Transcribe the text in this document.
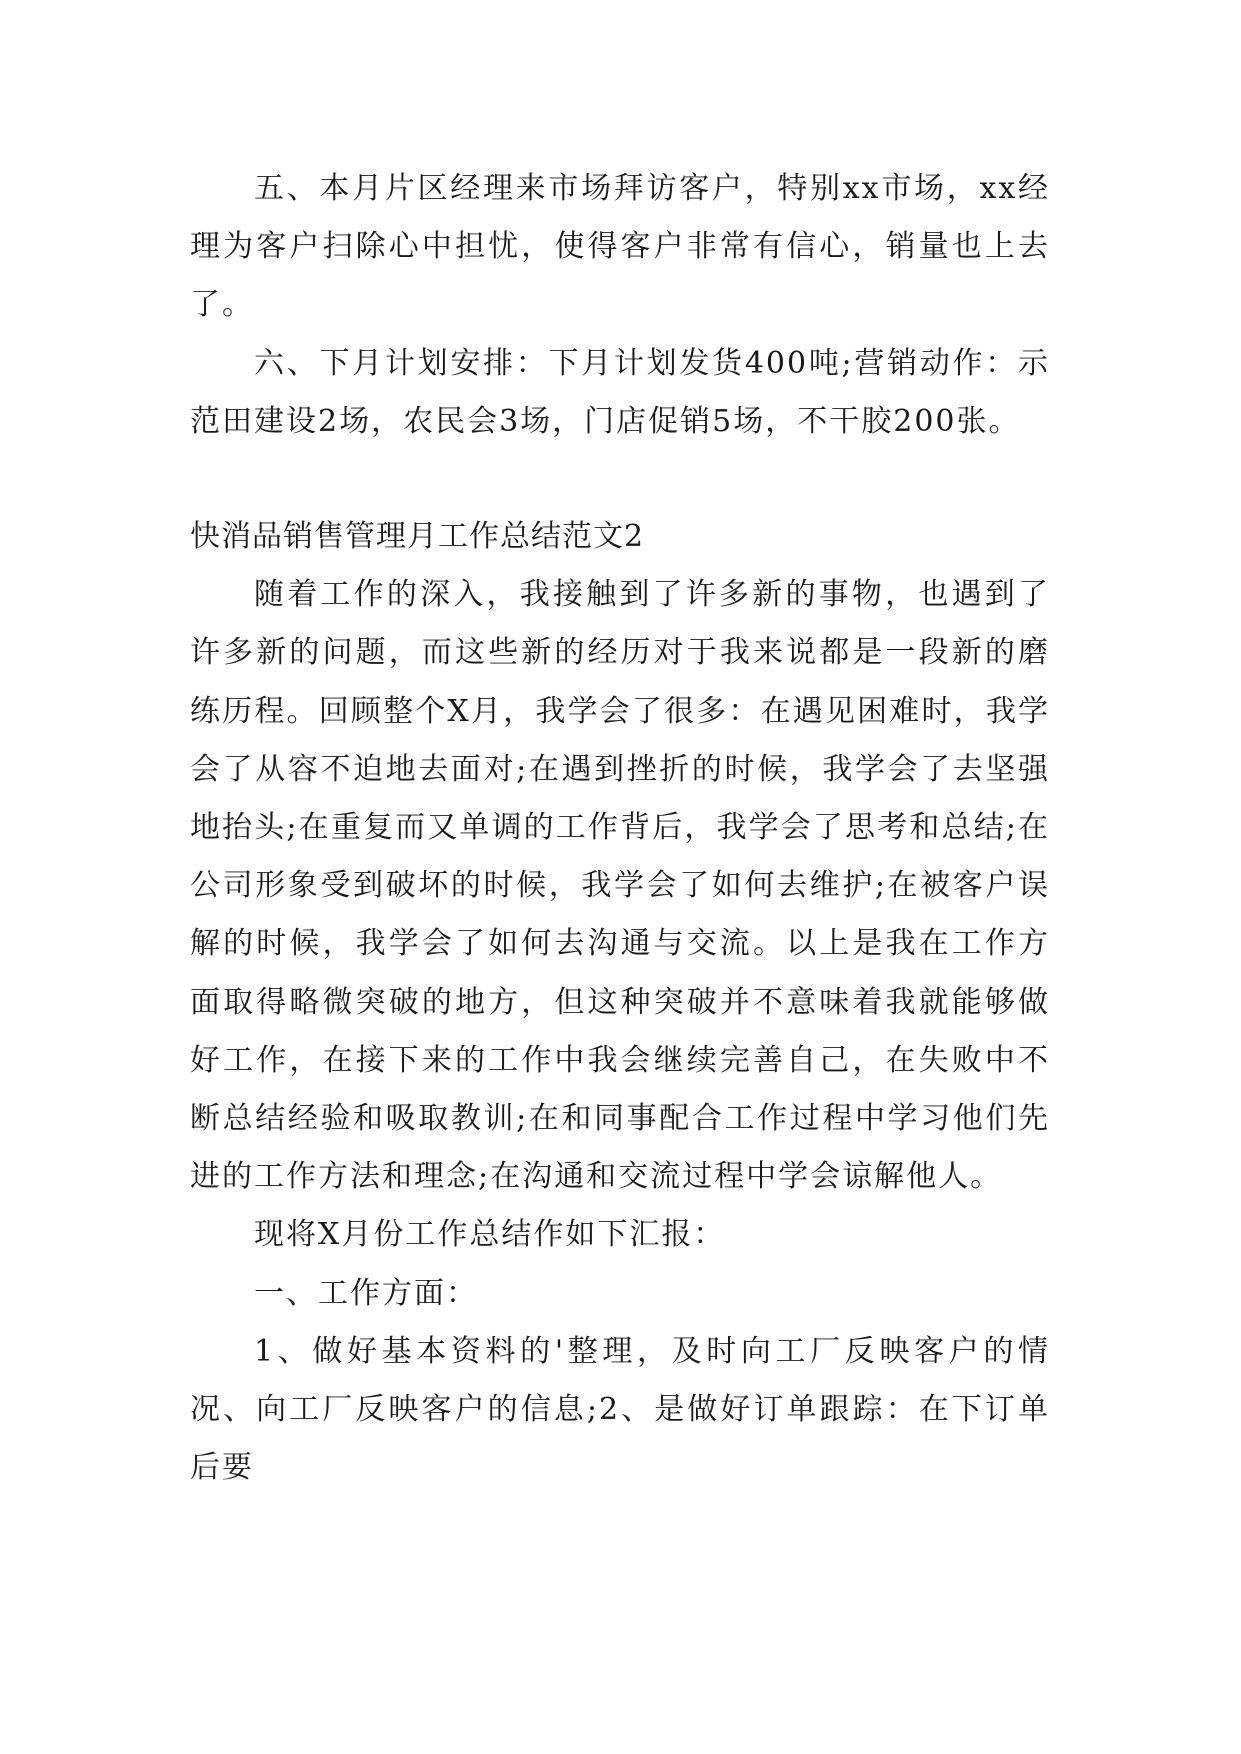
五、本月片区经理来市场拜访客户，特别xx市场，xx经理为客户扫除心中担忧，使得客户非常有信心，销量也上去了。

六、下月计划安排：下月计划发货400吨;营销动作：示范田建设2场，农民会3场，门店促销5场，不干胶200张。

快消品销售管理月工作总结范文2

随着工作的深入，我接触到了许多新的事物，也遇到了许多新的问题，而这些新的经历对于我来说都是一段新的磨练历程。回顾整个X月，我学会了很多：在遇见困难时，我学会了从容不迫地去面对;在遇到挫折的时候，我学会了去坚强地抬头;在重复而又单调的工作背后，我学会了思考和总结;在公司形象受到破坏的时候，我学会了如何去维护;在被客户误解的时候，我学会了如何去沟通与交流。以上是我在工作方面取得略微突破的地方，但这种突破并不意味着我就能够做好工作，在接下来的工作中我会继续完善自己，在失败中不断总结经验和吸取教训;在和同事配合工作过程中学习他们先进的工作方法和理念;在沟通和交流过程中学会谅解他人。

现将X月份工作总结作如下汇报：

一、工作方面：

1、做好基本资料的'整理，及时向工厂反映客户的情况、向工厂反映客户的信息;2、是做好订单跟踪：在下订单后要
